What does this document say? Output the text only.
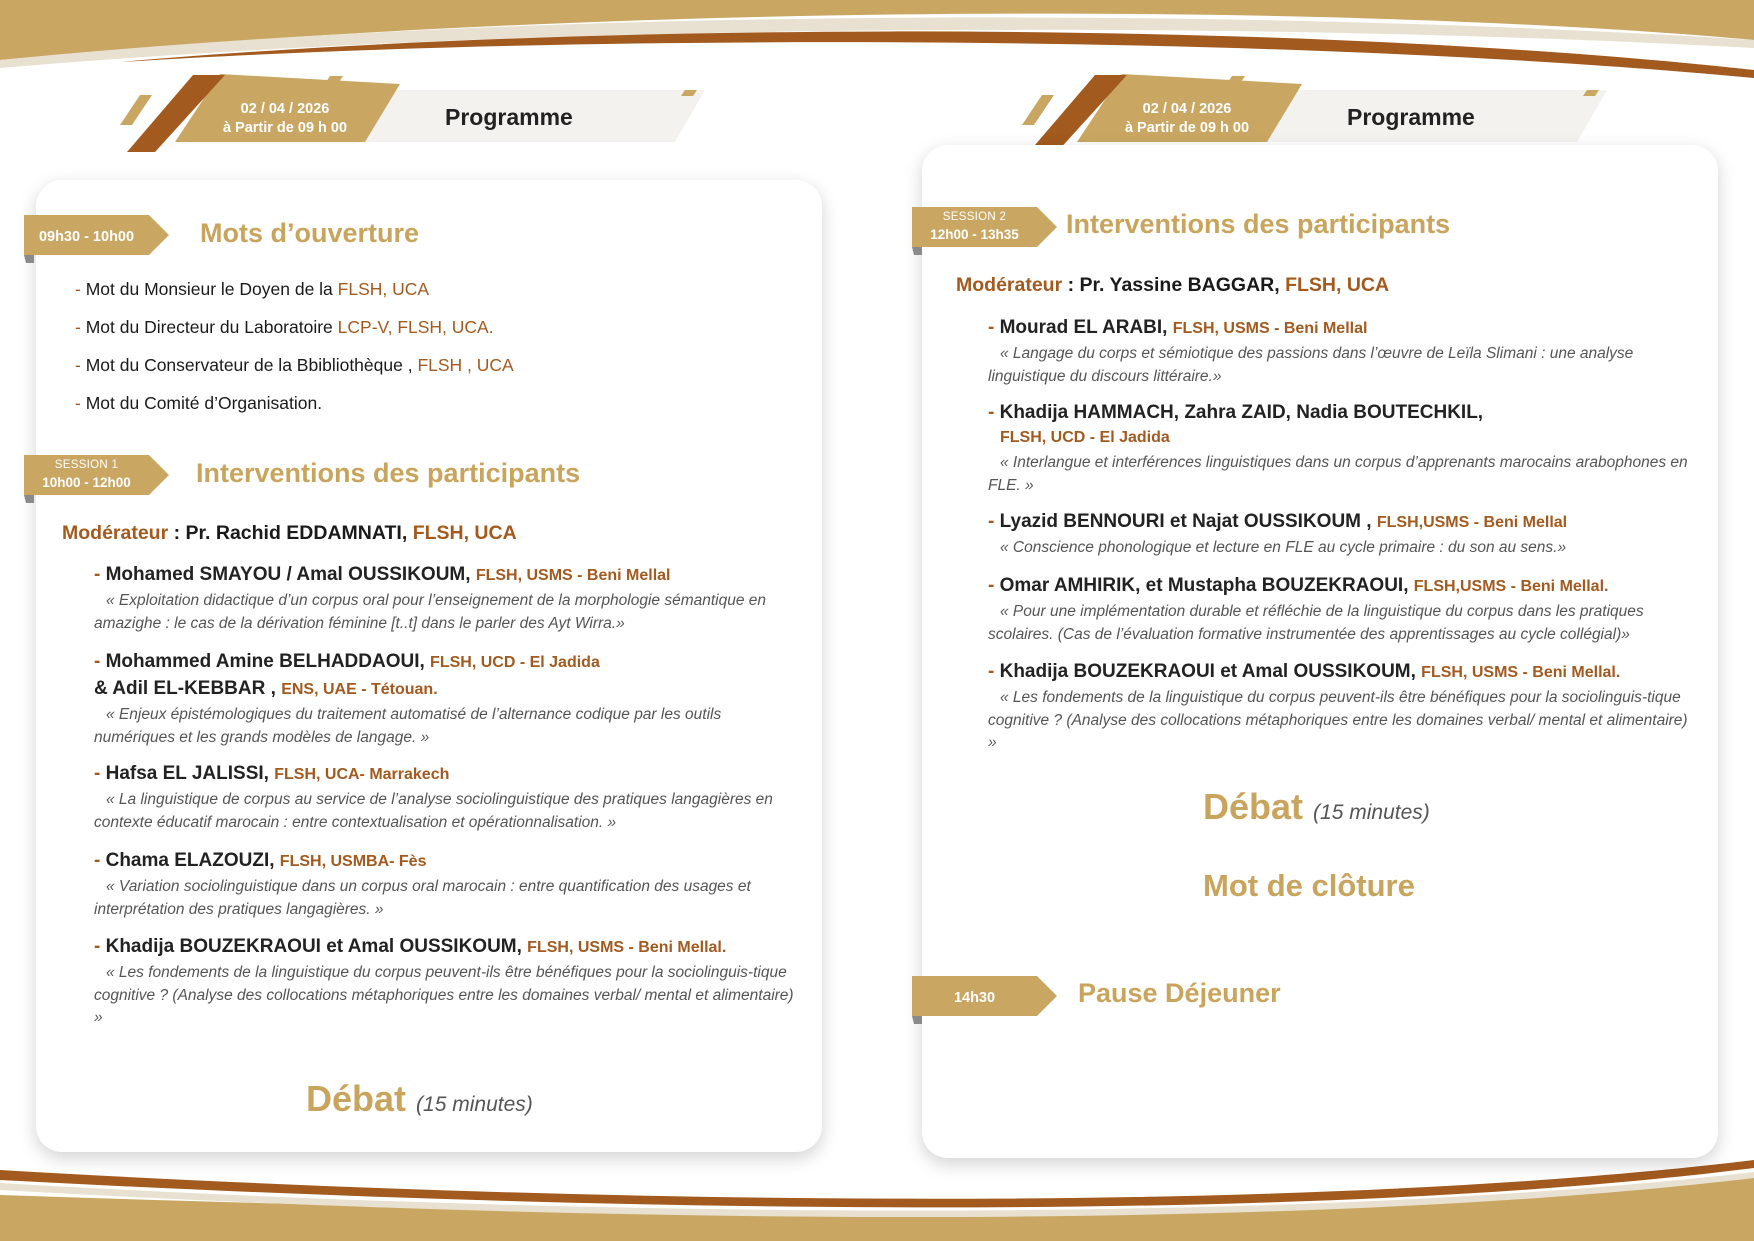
02 / 04 / 2026
à Partir de 09 h 00	Programme	02 / 04 / 2026
à Partir de 09 h 00	Programme
09h30 - 10h00	Mots d’ouverture
- Mot du Monsieur le Doyen de la FLSH, UCA
- Mot du Directeur du Laboratoire LCP-V, FLSH, UCA.
- Mot du Conservateur de la Bbibliothèque , FLSH , UCA
- Mot du Comité d’Organisation.
SESSION 1
10h00 - 12h00	Interventions des participants
Modérateur : Pr. Rachid EDDAMNATI, FLSH, UCA
- Mohamed SMAYOU / Amal OUSSIKOUM, FLSH, USMS - Beni Mellal
« Exploitation didactique d’un corpus oral pour l’enseignement de la morphologie sémantique en amazighe : le cas de la dérivation féminine [t..t] dans le parler des Ayt Wirra.»
- Mohammed Amine BELHADDAOUI, FLSH, UCD - El Jadida
& Adil EL-KEBBAR , ENS, UAE - Tétouan.
« Enjeux épistémologiques du traitement automatisé de l’alternance codique par les outils numériques et les grands modèles de langage. »
- Hafsa EL JALISSI, FLSH, UCA- Marrakech
« La linguistique de corpus au service de l’analyse sociolinguistique des pratiques langagières en contexte éducatif marocain : entre contextualisation et opérationnalisation. »
- Chama ELAZOUZI, FLSH, USMBA- Fès
« Variation sociolinguistique dans un corpus oral marocain : entre quantification des usages et interprétation des pratiques langagières. »
- Khadija BOUZEKRAOUI et Amal OUSSIKOUM, FLSH, USMS - Beni Mellal.
« Les fondements de la linguistique du corpus peuvent-ils être bénéfiques pour la sociolinguis-tique cognitive ? (Analyse des collocations métaphoriques entre les domaines verbal/ mental et alimentaire) »
Débat (15 minutes)
SESSION 2
12h00 - 13h35	Interventions des participants
Modérateur : Pr. Yassine BAGGAR, FLSH, UCA
- Mourad EL ARABI, FLSH, USMS - Beni Mellal
« Langage du corps et sémiotique des passions dans l’œuvre de Leïla Slimani : une analyse linguistique du discours littéraire.»
- Khadija HAMMACH, Zahra ZAID, Nadia BOUTECHKIL,
FLSH, UCD - El Jadida
« Interlangue et interférences linguistiques dans un corpus d’apprenants marocains arabophones en FLE. »
- Lyazid BENNOURI et Najat OUSSIKOUM , FLSH,USMS - Beni Mellal
« Conscience phonologique et lecture en FLE au cycle primaire : du son au sens.»
- Omar AMHIRIK, et Mustapha BOUZEKRAOUI, FLSH,USMS - Beni Mellal.
« Pour une implémentation durable et réfléchie de la linguistique du corpus dans les pratiques scolaires. (Cas de l’évaluation formative instrumentée des apprentissages au cycle collégial)»
- Khadija BOUZEKRAOUI et Amal OUSSIKOUM, FLSH, USMS - Beni Mellal.
« Les fondements de la linguistique du corpus peuvent-ils être bénéfiques pour la sociolinguis-tique cognitive ? (Analyse des collocations métaphoriques entre les domaines verbal/ mental et alimentaire) »
Débat (15 minutes)
Mot de clôture
14h30	Pause Déjeuner
